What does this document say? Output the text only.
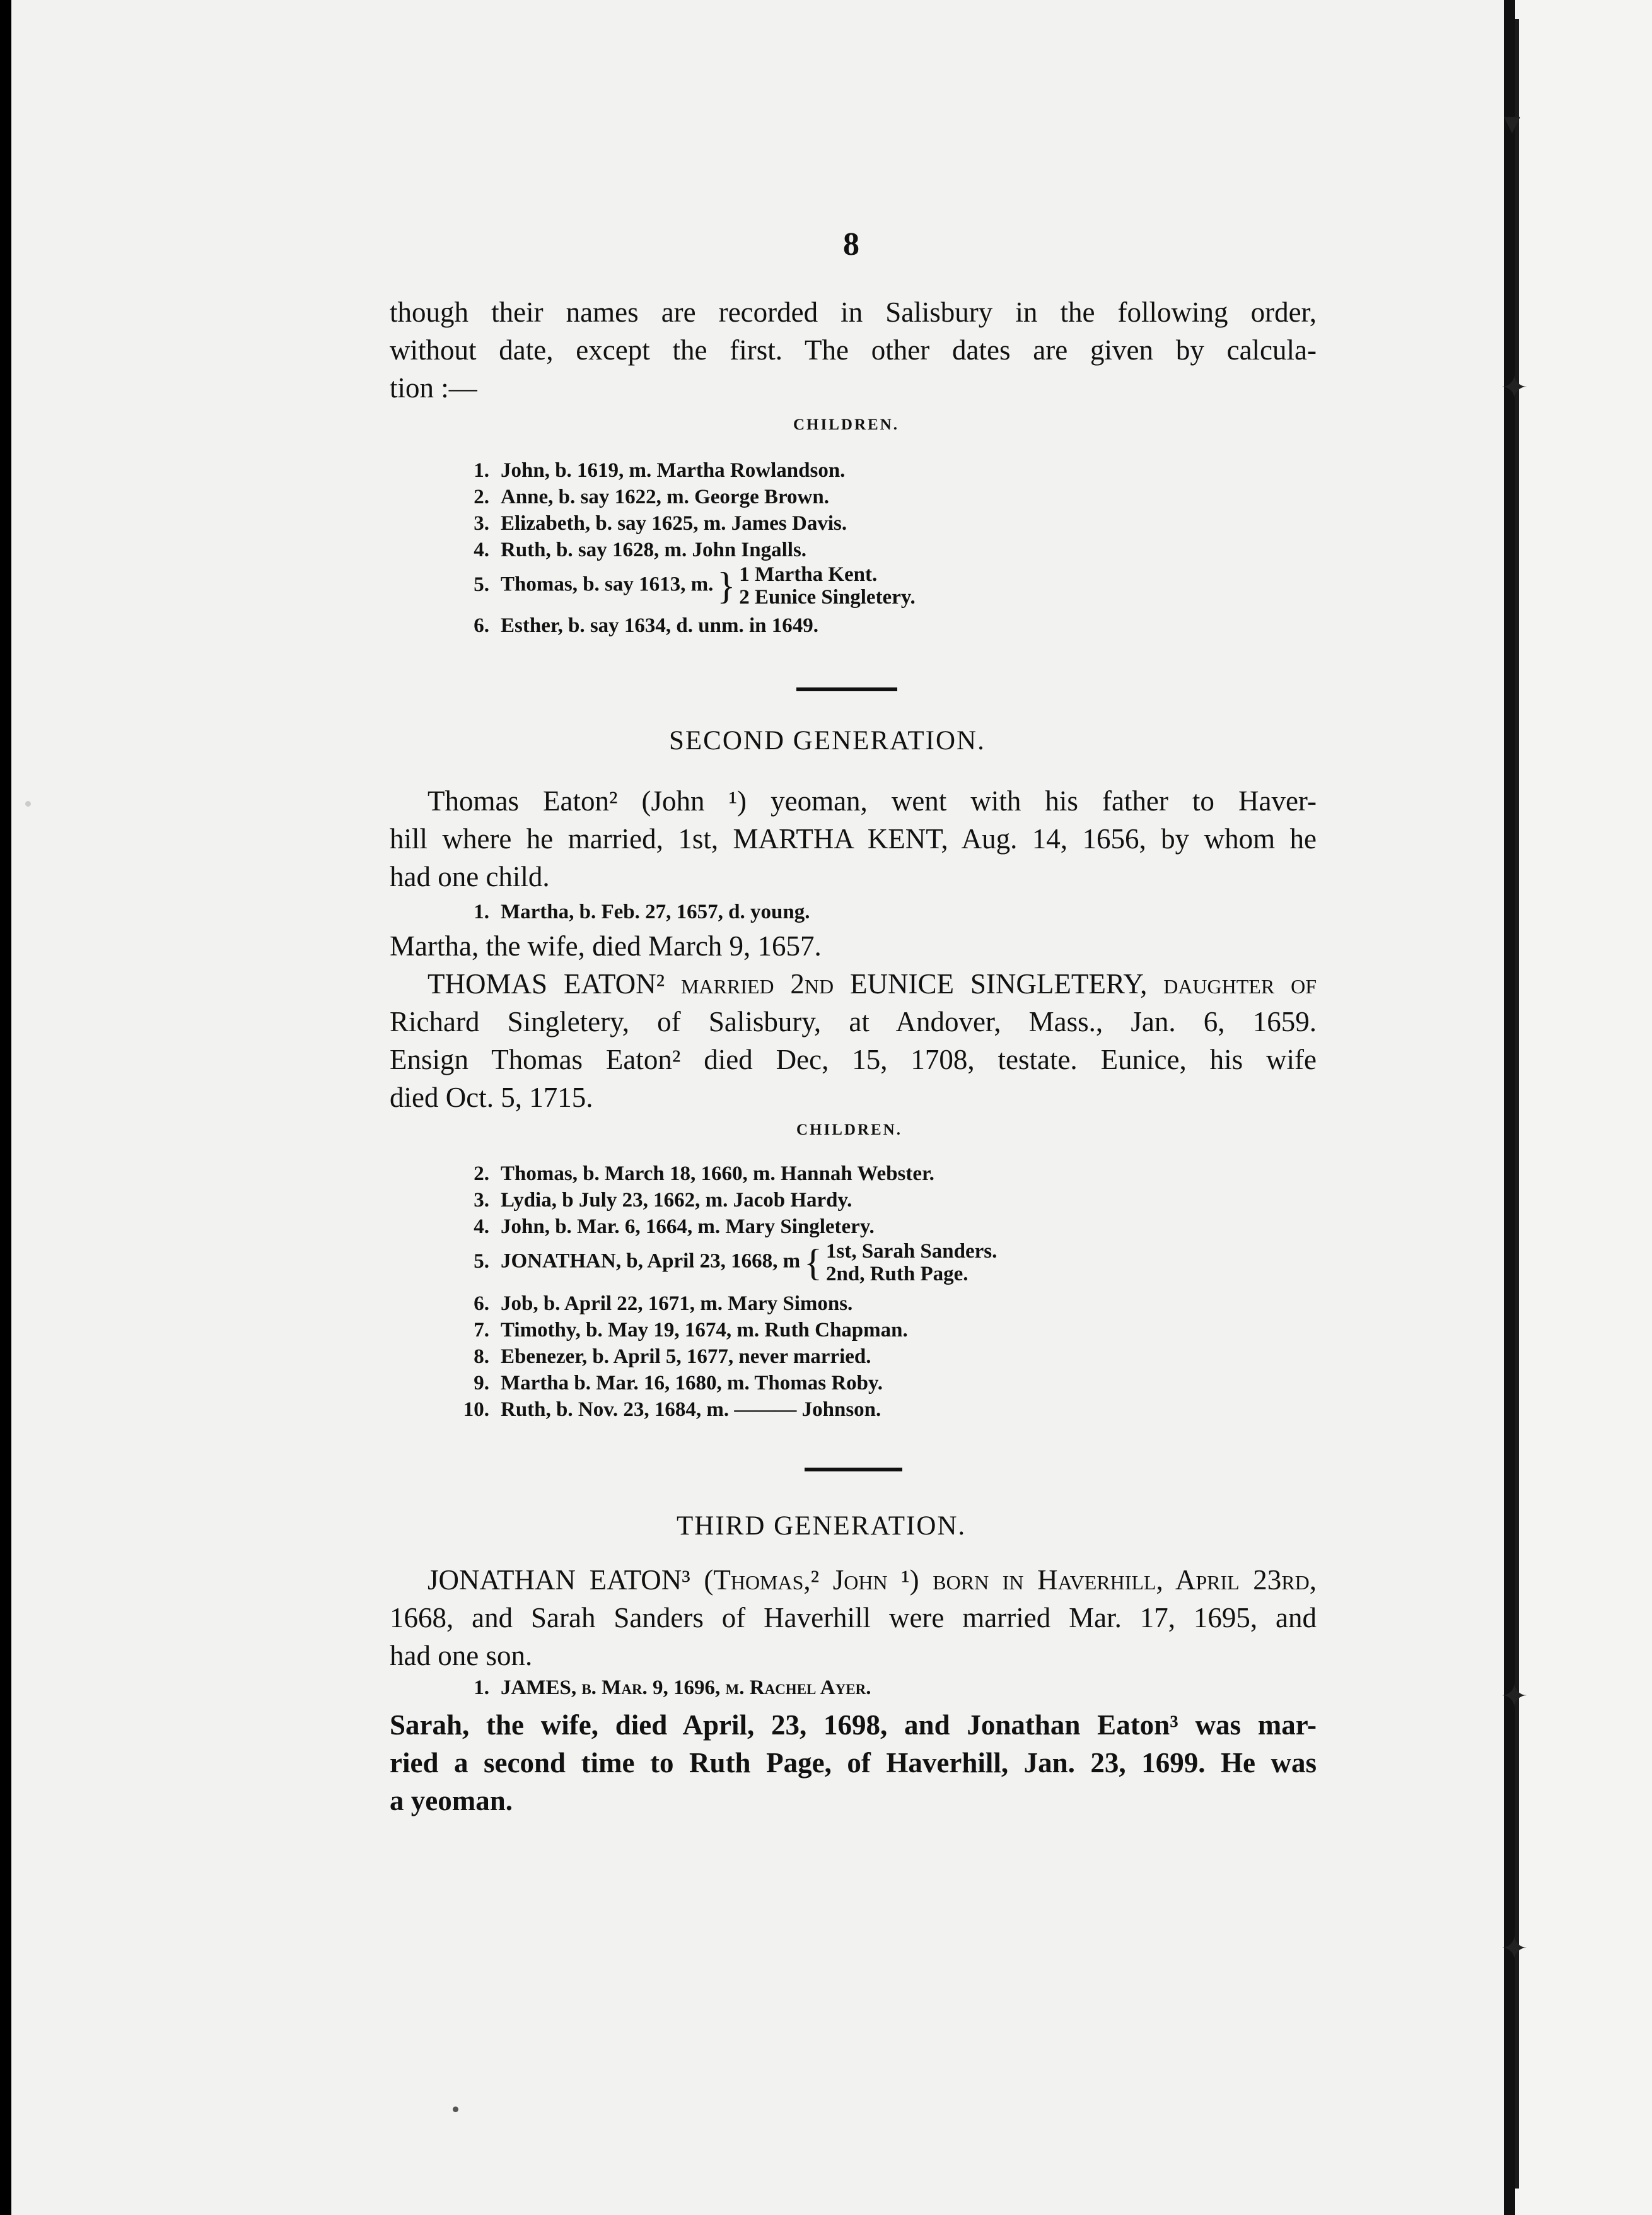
8
though their names are recorded in Salisbury in the following order,
without date, except the first. The other dates are given by calcula-
tion :—
CHILDREN.
1. John, b. 1619, m. Martha Rowlandson.
2. Anne, b. say 1622, m. George Brown.
3. Elizabeth, b. say 1625, m. James Davis.
4. Ruth, b. say 1628, m. John Ingalls.
5. Thomas, b. say 1613, m. } 1 Martha Kent.
2 Eunice Singletery.
6. Esther, b. say 1634, d. unm. in 1649.
SECOND GENERATION.
Thomas Eaton² (John ¹) yeoman, went with his father to Haver-
hill where he married, 1st, MARTHA KENT, Aug. 14, 1656, by whom he
had one child.
1. Martha, b. Feb. 27, 1657, d. young.
Martha, the wife, died March 9, 1657.
THOMAS EATON² married 2nd EUNICE SINGLETERY, daughter of
Richard Singletery, of Salisbury, at Andover, Mass., Jan. 6, 1659.
Ensign Thomas Eaton² died Dec, 15, 1708, testate. Eunice, his wife
died Oct. 5, 1715.
CHILDREN.
2. Thomas, b. March 18, 1660, m. Hannah Webster.
3. Lydia, b July 23, 1662, m. Jacob Hardy.
4. John, b. Mar. 6, 1664, m. Mary Singletery.
5. JONATHAN, b, April 23, 1668, m { 1st, Sarah Sanders.
2nd, Ruth Page.
6. Job, b. April 22, 1671, m. Mary Simons.
7. Timothy, b. May 19, 1674, m. Ruth Chapman.
8. Ebenezer, b. April 5, 1677, never married.
9. Martha b. Mar. 16, 1680, m. Thomas Roby.
10. Ruth, b. Nov. 23, 1684, m. ——— Johnson.
THIRD GENERATION.
JONATHAN EATON³ (Thomas,² John ¹) born in Haverhill, April 23rd,
1668, and Sarah Sanders of Haverhill were married Mar. 17, 1695, and
had one son.
1. JAMES, b. Mar. 9, 1696, m. Rachel Ayer.
Sarah, the wife, died April, 23, 1698, and Jonathan Eaton³ was mar-
ried a second time to Ruth Page, of Haverhill, Jan. 23, 1699. He was
a yeoman.
▾
✦
✦
✦
